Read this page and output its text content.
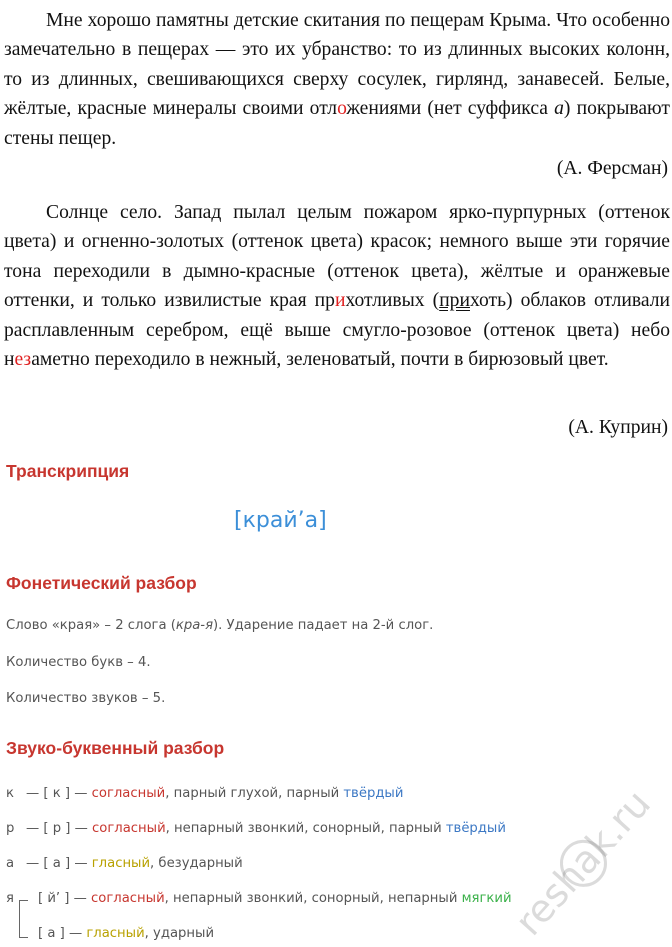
Мне хорошо памятны детские скитания по пещерам Крыма. Что особенно замечательно в пещерах — это их убранство: то из длинных высоких колонн, то из длинных, свешивающихся сверху сосулек, гирлянд, занавесей. Белые, жёлтые, красные минералы своими отложениями (нет суффикса а) покрывают стены пещер.
(А. Ферсман)
Солнце село. Запад пылал целым пожаром ярко-пурпурных (оттенок цвета) и огненно-золотых (оттенок цвета) красок; немного выше эти горячие тона переходили в дымно-красные (оттенок цвета), жёлтые и оранжевые оттенки, и только извилистые края прихотливых (прихоть) облаков отливали расплавленным серебром, ещё выше смугло-розовое (оттенок цвета) небо незаметно переходило в нежный, зеленоватый, почти в бирюзовый цвет.
(А. Куприн)
Транскрипция
[край’а]
Фонетический разбор
Слово «края» – 2 слога (кра-я). Ударение падает на 2-й слог.
Количество букв – 4.
Количество звуков – 5.
Звуко-буквенный разбор
к — [ к ] — согласный, парный глухой, парный твёрдый
р — [ р ] — согласный, непарный звонкий, сонорный, парный твёрдый
а — [ а ] — гласный, безударный
я [ й’ ] — согласный, непарный звонкий, сонорный, непарный мягкий
[ а ] — гласный, ударный	reshak.ru
